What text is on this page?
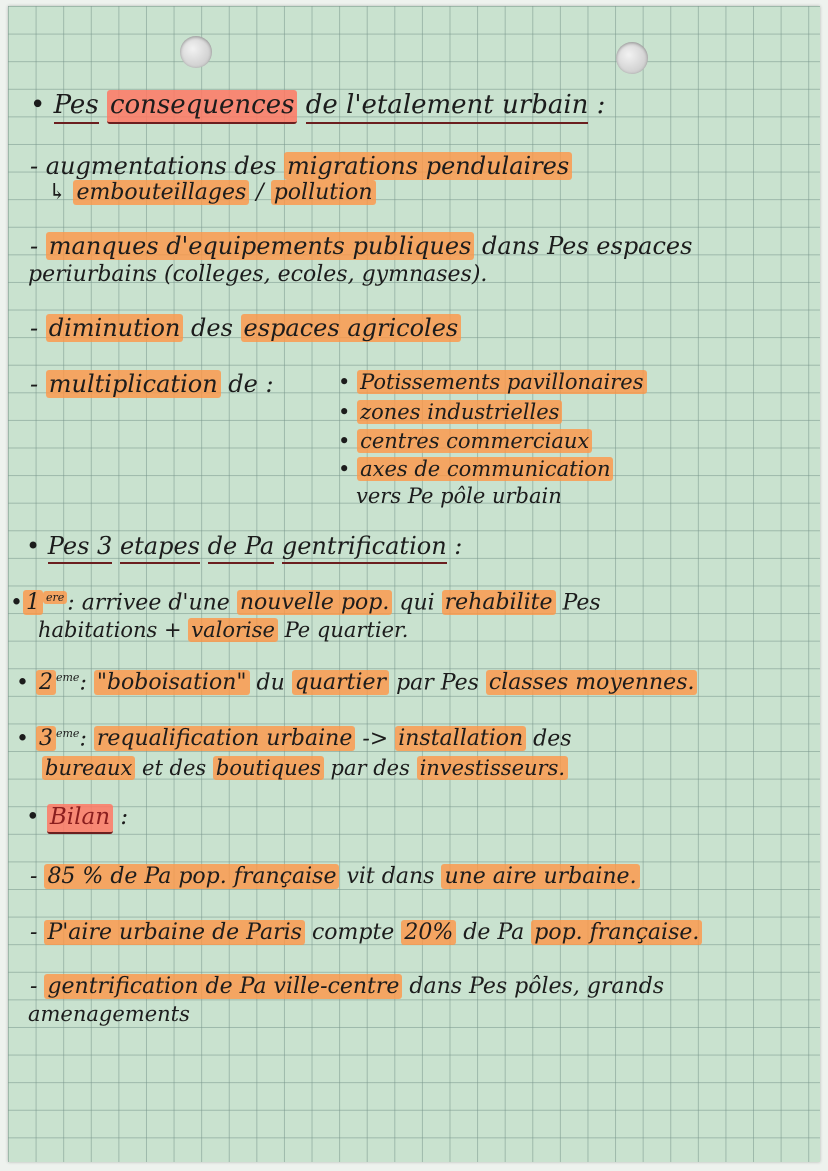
• Pes consequences de l'etalement urbain :
- augmentations des migrations pendulaires
↳ embouteillages / pollution
- manques d'equipements publiques dans Pes espaces
periurbains (colleges, ecoles, gymnases).
- diminution des espaces agricoles
- multiplication de :	• Potissements pavillonaires
• zones industrielles
• centres commerciaux
• axes de communication
vers Pe pôle urbain
• Pes 3 etapes de Pa gentrification :
• 1 $^{ere}$ : arrivee d'une nouvelle pop. qui rehabilite Pes
habitations + valorise Pe quartier.
• 2 $^{eme}$: "boboisation" du quartier par Pes classes moyennes.
• 3 $^{eme}$: requalification urbaine -> installation des
bureaux et des boutiques par des investisseurs.
• Bilan :
- 85 % de Pa pop. française vit dans une aire urbaine.
- P'aire urbaine de Paris compte 20% de Pa pop. française.
- gentrification de Pa ville-centre dans Pes pôles, grands
amenagements
